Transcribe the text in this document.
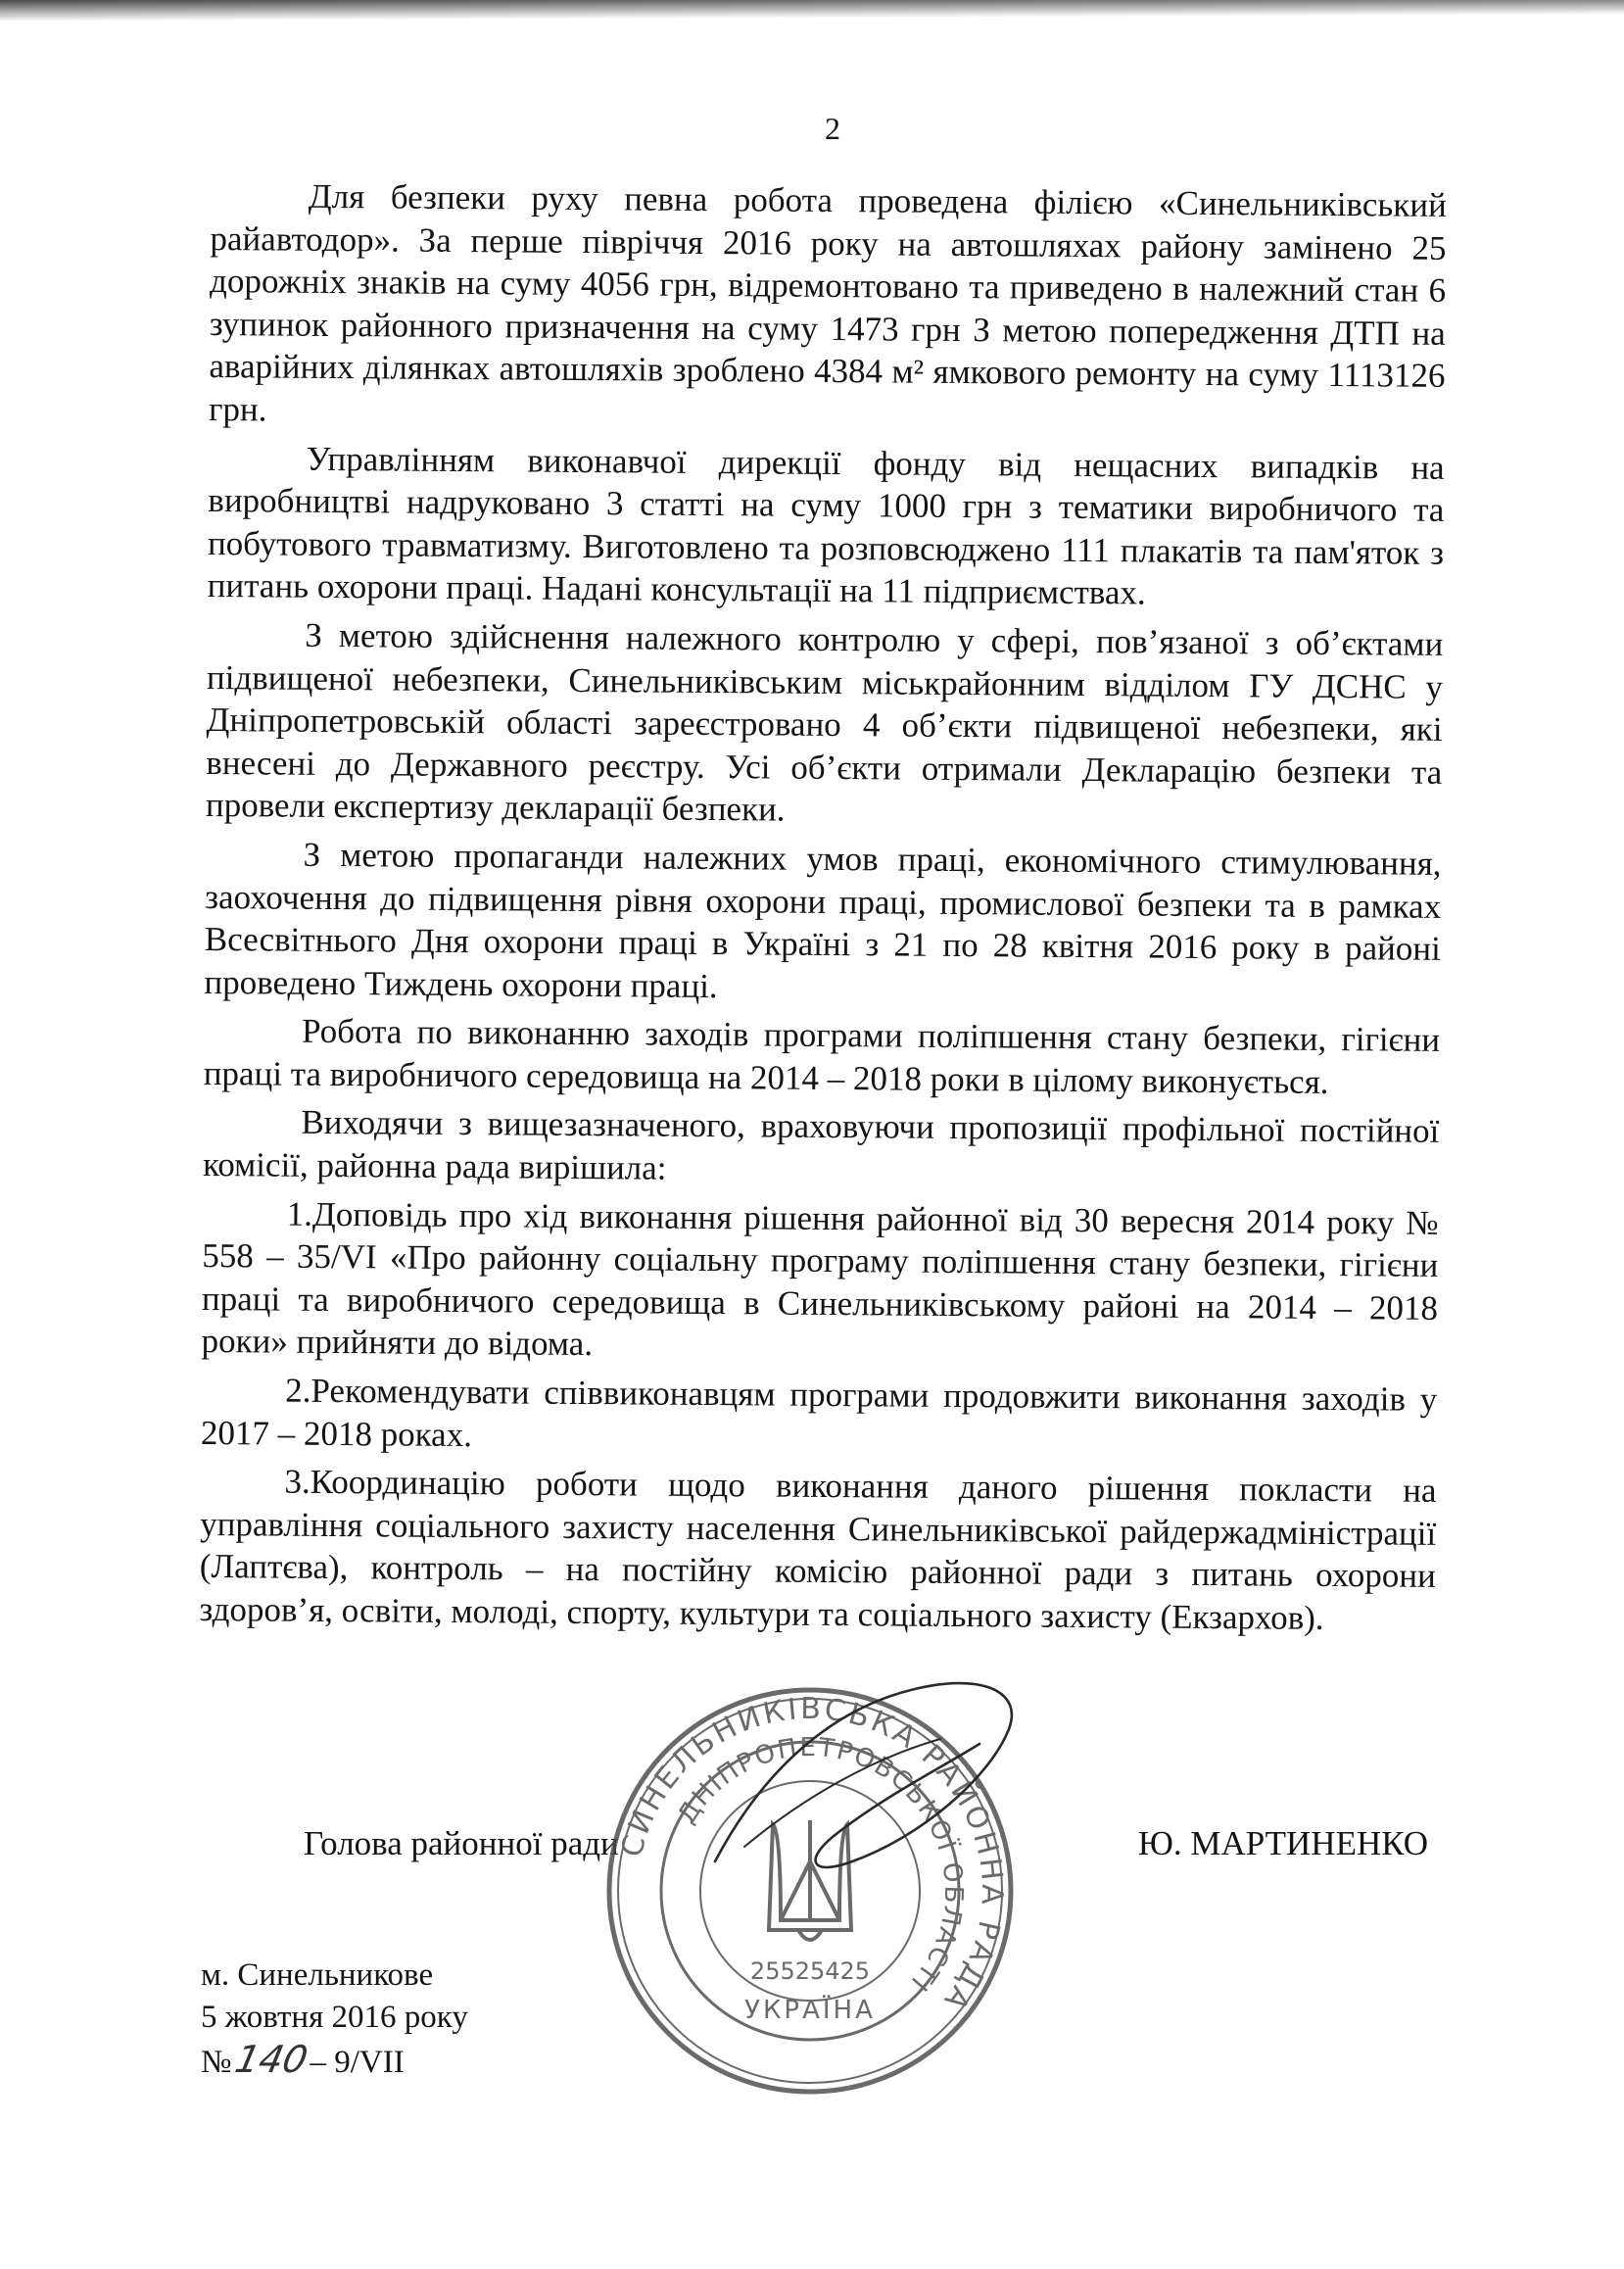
2

Для безпеки руху певна робота проведена філією «Синельниківський райавтодор». За перше півріччя 2016 року на автошляхах району замінено 25 дорожніх знаків на суму 4056 грн, відремонтовано та приведено в належний стан 6 зупинок районного призначення на суму 1473 грн З метою попередження ДТП на аварійних ділянках автошляхів зроблено 4384 м² ямкового ремонту на суму 1113126 грн.

Управлінням виконавчої дирекції фонду від нещасних випадків на виробництві надруковано 3 статті на суму 1000 грн з тематики виробничого та побутового травматизму. Виготовлено та розповсюджено 111 плакатів та пам'яток з питань охорони праці. Надані консультації на 11 підприємствах.

З метою здійснення належного контролю у сфері, пов’язаної з об’єктами підвищеної небезпеки, Синельниківським міськрайонним відділом ГУ ДСНС у Дніпропетровській області зареєстровано 4 об’єкти підвищеної небезпеки, які внесені до Державного реєстру. Усі об’єкти отримали Декларацію безпеки та провели експертизу декларації безпеки.

З метою пропаганди належних умов праці, економічного стимулювання, заохочення до підвищення рівня охорони праці, промислової безпеки та в рамках Всесвітнього Дня охорони праці в Україні з 21 по 28 квітня 2016 року в районі проведено Тиждень охорони праці.

Робота по виконанню заходів програми поліпшення стану безпеки, гігієни праці та виробничого середовища на 2014 – 2018 роки в цілому виконується.

Виходячи з вищезазначеного, враховуючи пропозиції профільної постійної комісії, районна рада вирішила:

1.Доповідь про хід виконання рішення районної від 30 вересня 2014 року № 558 – 35/VI «Про районну соціальну програму поліпшення стану безпеки, гігієни праці та виробничого середовища в Синельниківському районі на 2014 – 2018 роки» прийняти до відома.

2.Рекомендувати співвиконавцям програми продовжити виконання заходів у 2017 – 2018 роках.

3.Координацію роботи щодо виконання даного рішення покласти на управління соціального захисту населення Синельниківської райдержадміністрації (Лаптєва), контроль – на постійну комісію районної ради з питань охорони здоров’я, освіти, молоді, спорту, культури та соціального захисту (Екзархов).

Голова районної ради	Ю. МАРТИНЕНКО
СИНЕЛЬНИКІВСЬКА РАЙОННА РАДА
ДНІПРОПЕТРОВСЬКОЇ ОБЛАСТІ
25525425
УКРАЇНА
м. Синельникове
5 жовтня 2016 року
№ 140
– 9/VII
